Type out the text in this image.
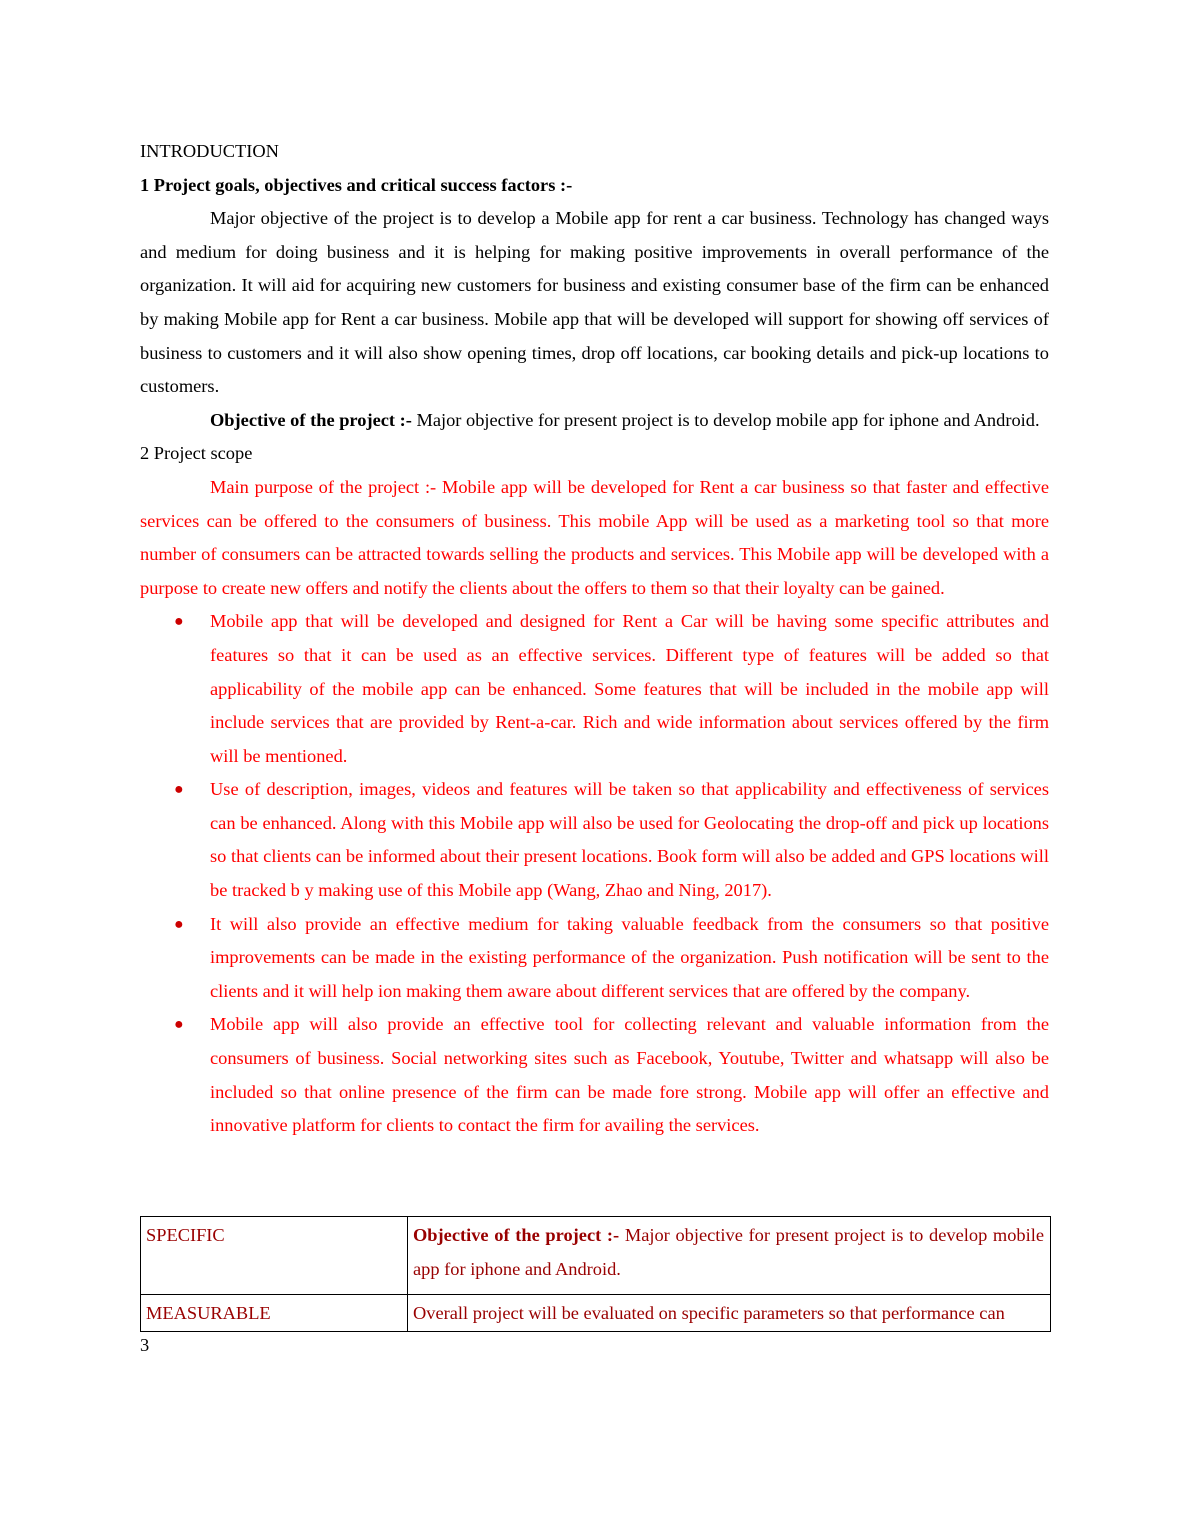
INTRODUCTION
1 Project goals, objectives and critical success factors :-

Major objective of the project is to develop a Mobile app for rent a car business. Technology has changed ways and medium for doing business and it is helping for making positive improvements in overall performance of the organization. It will aid for acquiring new customers for business and existing consumer base of the firm can be enhanced by making Mobile app for Rent a car business. Mobile app that will be developed will support for showing off services of business to customers and it will also show opening times, drop off locations, car booking details and pick-up locations to customers.

Objective of the project :- Major objective for present project is to develop mobile app for iphone and Android.

2 Project scope

Main purpose of the project :- Mobile app will be developed for Rent a car business so that faster and effective services can be offered to the consumers of business. This mobile App will be used as a marketing tool so that more number of consumers can be attracted towards selling the products and services. This Mobile app will be developed with a purpose to create new offers and notify the clients about the offers to them so that their loyalty can be gained.

● Mobile app that will be developed and designed for Rent a Car will be having some specific attributes and features so that it can be used as an effective services. Different type of features will be added so that applicability of the mobile app can be enhanced. Some features that will be included in the mobile app will include services that are provided by Rent-a-car. Rich and wide information about services offered by the firm will be mentioned.
● Use of description, images, videos and features will be taken so that applicability and effectiveness of services can be enhanced. Along with this Mobile app will also be used for Geolocating the drop-off and pick up locations so that clients can be informed about their present locations. Book form will also be added and GPS locations will be tracked b y making use of this Mobile app (Wang, Zhao and Ning, 2017).
● It will also provide an effective medium for taking valuable feedback from the consumers so that positive improvements can be made in the existing performance of the organization. Push notification will be sent to the clients and it will help ion making them aware about different services that are offered by the company.
● Mobile app will also provide an effective tool for collecting relevant and valuable information from the consumers of business. Social networking sites such as Facebook, Youtube, Twitter and whatsapp will also be included so that online presence of the firm can be made fore strong. Mobile app will offer an effective and innovative platform for clients to contact the firm for availing the services.
SPECIFIC	Objective of the project :- Major objective for present project is to develop mobile app for iphone and Android.
MEASURABLE	Overall project will be evaluated on specific parameters so that performance can
3
